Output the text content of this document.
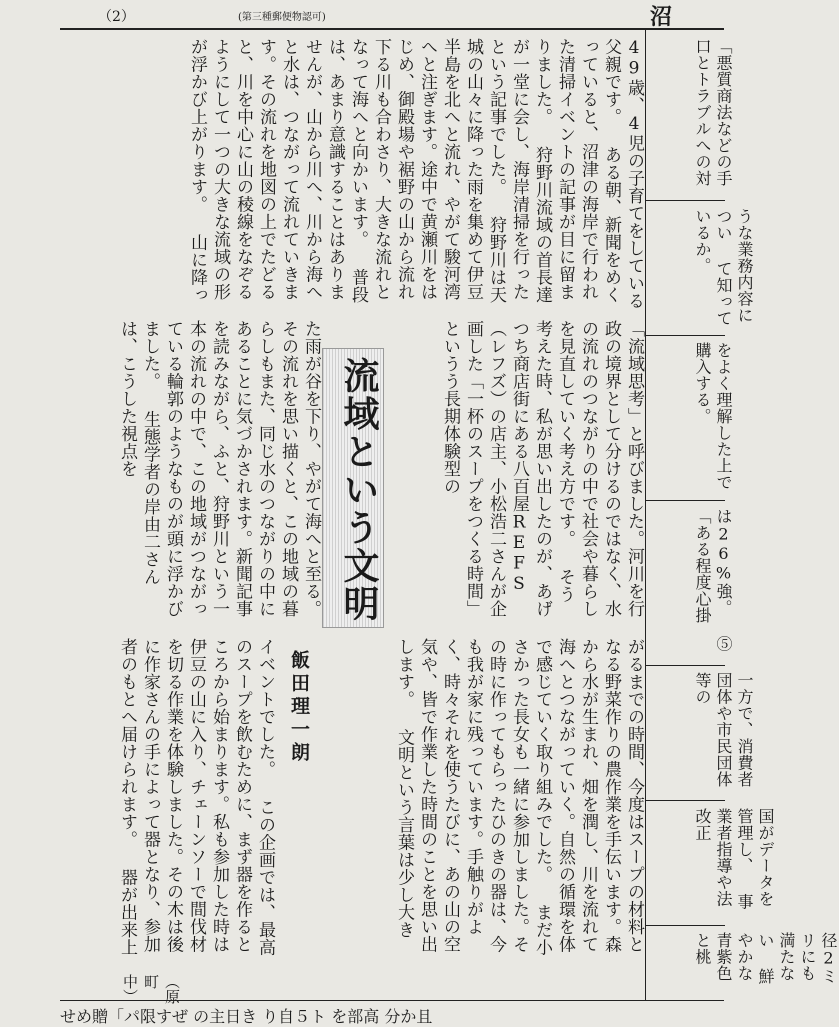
（2）	(第三種郵便物認可)	沼
「悪質商法などの手口とトラブルへの対
うな業務内容につい て知っているか。
をよく理解した上で 購入する。
は26%強。 ⑤「ある程度心掛
一方で、消費者 団体や市民団体等の
国がデータを管理し、 事業者指導や法改正
径2ミリにも満たない 鮮やかな青紫色と桃
流域という文明
飯田理一朗
（原町中）
49歳、4児の子育てをしている父親です。 ある朝、新聞をめくっていると、沼津の海岸で行われた清掃イベントの記事が目に留まりました。 狩野川流域の首長達が一堂に会し、海岸清掃を行ったという記事でした。 狩野川は天城の山々に降った雨を集めて伊豆半島を北へと流れ、やがて駿河湾へと注ぎます。途中で黄瀬川をはじめ、御殿場や裾野の山から流れ下る川も合わさり、大きな流れとなって海へと向かいます。 普段は、あまり意識することはありませんが、山から川へ、川から海へと水は、つながって流れていきます。その流れを地図の上でたどると、川を中心に山の稜線をなぞるようにして一つの大きな流域の形が浮かび上がります。 山に降っ
た雨が谷を下り、やがて海へと至る。その流れを思い描くと、この地域の暮らしもまた、同じ水のつながりの中にあることに気づかされます。新聞記事を読みながら、ふと、狩野川という一本の流れの中で、この地域がつながっている輪郭のようなものが頭に浮かびました。 生態学者の岸由二さんは、こうした視点を	「流域思考」と呼びました。河川を行政の境界として分けるのではなく、水の流れのつながりの中で社会や暮らしを見直していく考え方です。 そう考えた時、私が思い出したのが、あげつち商店街にある八百屋REFS（レフズ）の店主、小松浩二さんが企画した「一杯のスープをつくる時間」というう長期体験型の
イベントでした。 この企画では、最高のスープを飲むために、まず器を作るところから始まります。私も参加した時は伊豆の山に入り、チェーンソーで間伐材を切る作業を体験しました。その木は後に作家さんの手によって器となり、参加者のもとへ届けられます。 器が出来上	がるまでの時間、今度はスープの材料となる野菜作りの農作業を手伝います。森から水が生まれ、畑を潤し、川を流れて海へとつながっていく。自然の循環を体で感じていく取り組みでした。 まだ小さかった長女も一緒に参加しました。その時に作ってもらったひのきの器は、今も我が家に残っています。手触りがよく、時々それを使うたびに、あの山の空気や、皆で作業した時間のことを思い出します。 文明という言葉は少し大き
せめ贈「パ限すぜ の主日き り自５ト を部高 分か且
